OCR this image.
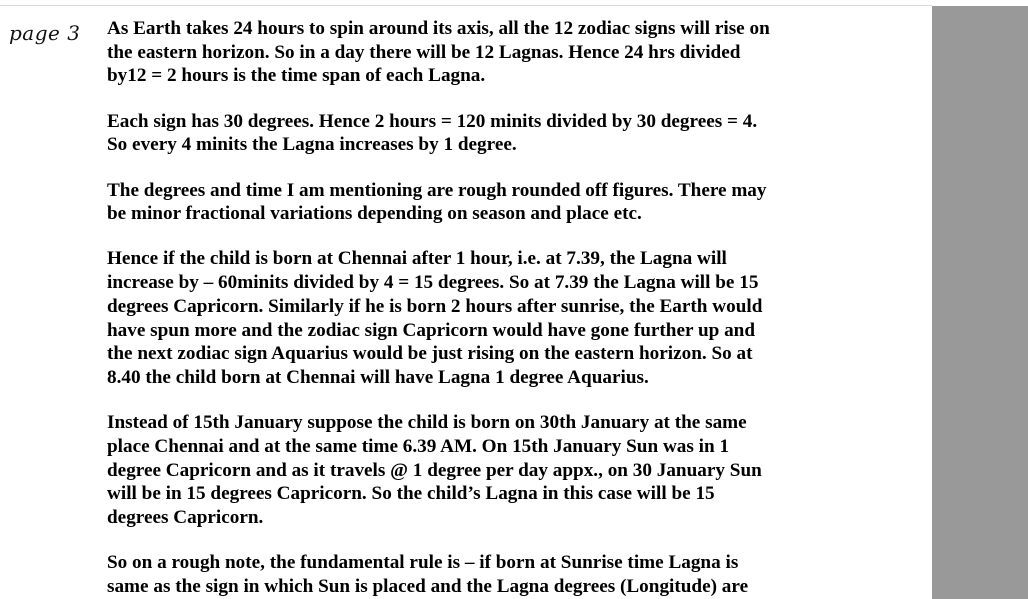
page 3 As Earth takes 24 hours to spin around its axis, all the 12 zodiac signs will rise on
the eastern horizon. So in a day there will be 12 Lagnas. Hence 24 hrs divided
by12 = 2 hours is the time span of each Lagna.

Each sign has 30 degrees. Hence 2 hours = 120 minits divided by 30 degrees = 4.
So every 4 minits the Lagna increases by 1 degree.

The degrees and time I am mentioning are rough rounded off figures. There may
be minor fractional variations depending on season and place etc.

Hence if the child is born at Chennai after 1 hour, i.e. at 7.39, the Lagna will
increase by – 60minits divided by 4 = 15 degrees. So at 7.39 the Lagna will be 15
degrees Capricorn. Similarly if he is born 2 hours after sunrise, the Earth would
have spun more and the zodiac sign Capricorn would have gone further up and
the next zodiac sign Aquarius would be just rising on the eastern horizon. So at
8.40 the child born at Chennai will have Lagna 1 degree Aquarius.

Instead of 15th January suppose the child is born on 30th January at the same
place Chennai and at the same time 6.39 AM. On 15th January Sun was in 1
degree Capricorn and as it travels @ 1 degree per day appx., on 30 January Sun
will be in 15 degrees Capricorn. So the child’s Lagna in this case will be 15
degrees Capricorn.

So on a rough note, the fundamental rule is – if born at Sunrise time Lagna is
same as the sign in which Sun is placed and the Lagna degrees (Longitude) are
